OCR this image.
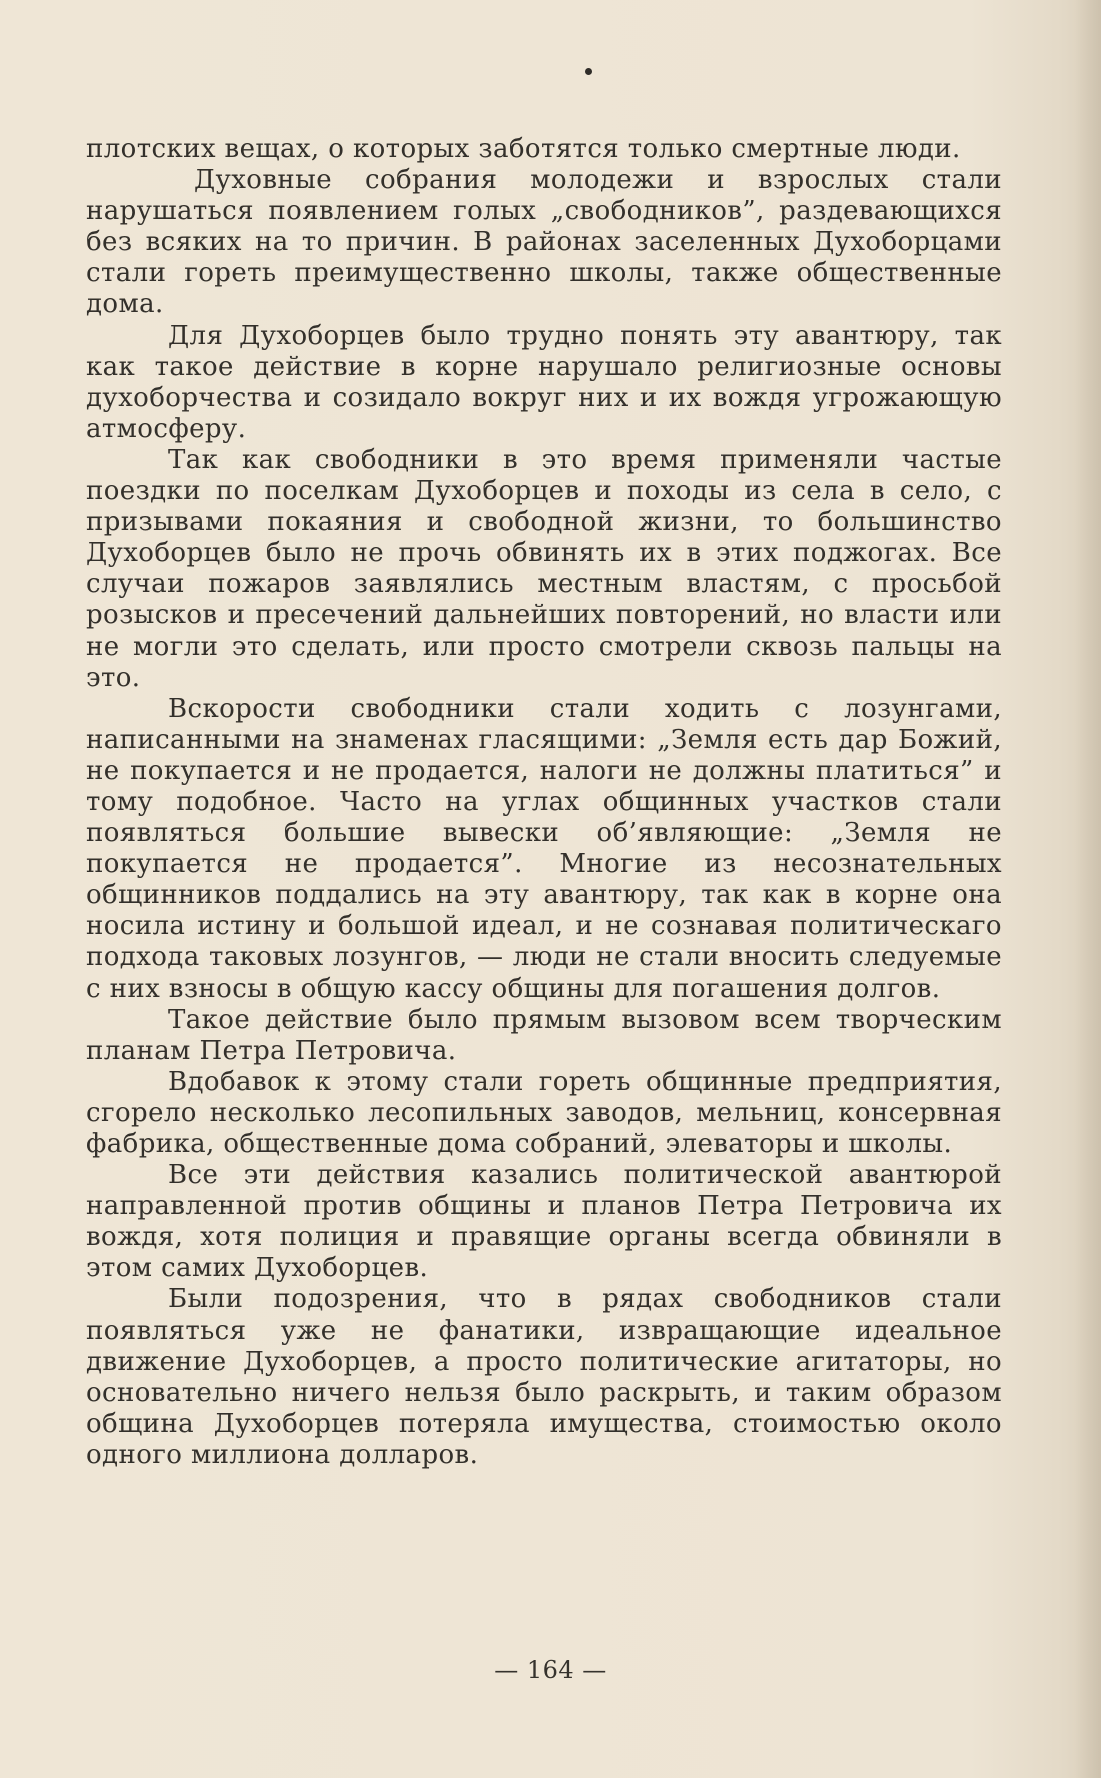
плотских вещах, о которых заботятся только смертные люди.

Духовные собрания молодежи и взрослых стали нарушаться появлением голых „свободников”, раздевающихся без всяких на то причин. В районах заселенных Духоборцами стали гореть преимущественно школы, также общественные дома.

Для Духоборцев было трудно понять эту авантюру, так как такое действие в корне нарушало религиозные основы духоборчества и созидало вокруг них и их вождя угрожающую атмосферу.

Так как свободники в это время применяли частые поездки по поселкам Духоборцев и походы из села в село, с призывами покаяния и свободной жизни, то большинство Духоборцев было не прочь обвинять их в этих поджогах. Все случаи пожаров заявлялись местным властям, с просьбой розысков и пресечений дальнейших повторений, но власти или не могли это сделать, или просто смотрели сквозь пальцы на это.

Вскорости свободники стали ходить с лозунгами, написанными на знаменах гласящими: „Земля есть дар Божий, не покупается и не продается, налоги не должны платиться” и тому подобное. Часто на углах общинных участков стали появляться большие вывески об’являющие: „Земля не покупается не продается”. Многие из несознательных общинников поддались на эту авантюру, так как в корне она носила истину и большой идеал, и не сознавая политическаго подхода таковых лозунгов, — люди не стали вносить следуемые с них взносы в общую кассу общины для погашения долгов.

Такое действие было прямым вызовом всем творческим планам Петра Петровича.

Вдобавок к этому стали гореть общинные предприятия, сгорело несколько лесопильных заводов, мельниц, консервная фабрика, общественные дома собраний, элеваторы и школы.

Все эти действия казались политической авантюрой направленной против общины и планов Петра Петровича их вождя, хотя полиция и правящие органы всегда обвиняли в этом самих Духоборцев.

Были подозрения, что в рядах свободников стали появляться уже не фанатики, извращающие идеальное движение Духоборцев, а просто политические агитаторы, но основательно ничего нельзя было раскрыть, и таким образом община Духоборцев потеряла имущества, стоимостью около одного миллиона долларов.

— 164 —
